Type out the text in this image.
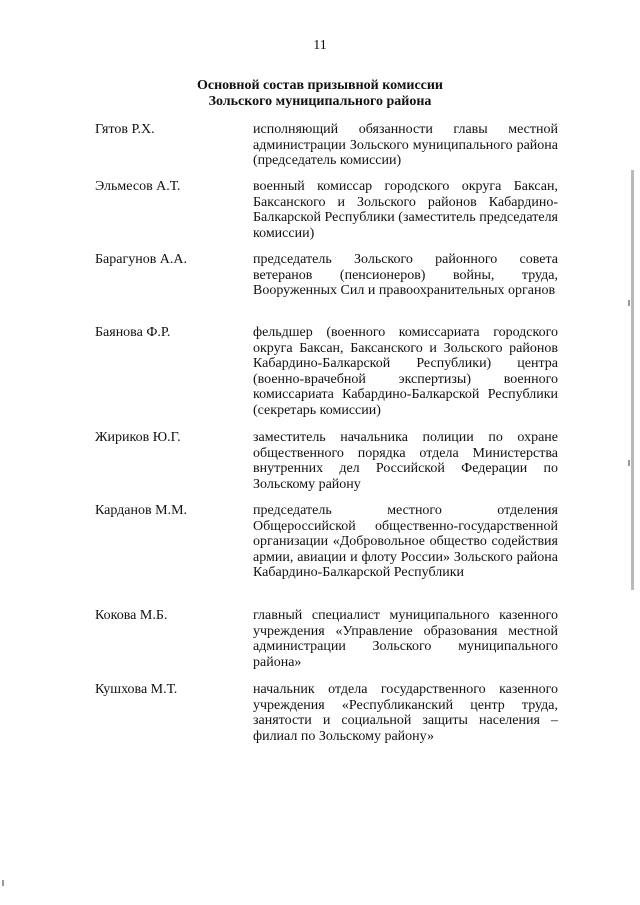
11
Основной состав призывной комиссии
Зольского муниципального района
Гятов Р.Х.	исполняющий обязанности главы местной администрации Зольского муниципального района (председатель комиссии)
Эльмесов А.Т.	военный комиссар городского округа Баксан, Баксанского и Зольского районов Кабардино-Балкарской Республики (заместитель председателя комиссии)
Барагунов А.А.	председатель Зольского районного совета ветеранов (пенсионеров) войны, труда, Вооруженных Сил и правоохранительных органов
Баянова Ф.Р.	фельдшер (военного комиссариата городского округа Баксан, Баксанского и Зольского районов Кабардино-Балкарской Республики) центра (военно-врачебной экспертизы) военного комиссариата Кабардино-Балкарской Республики (секретарь комиссии)
Жириков Ю.Г.	заместитель начальника полиции по охране общественного порядка отдела Министерства внутренних дел Российской Федерации по Зольскому району
Карданов М.М.	председатель местного отделения Общероссийской общественно-государственной организации «Добровольное общество содействия армии, авиации и флоту России» Зольского района Кабардино-Балкарской Республики
Кокова М.Б.	главный специалист муниципального казенного учреждения «Управление образования местной администрации Зольского муниципального района»
Кушхова М.Т.	начальник отдела государственного казенного учреждения «Республиканский центр труда, занятости и социальной защиты населения – филиал по Зольскому району»
